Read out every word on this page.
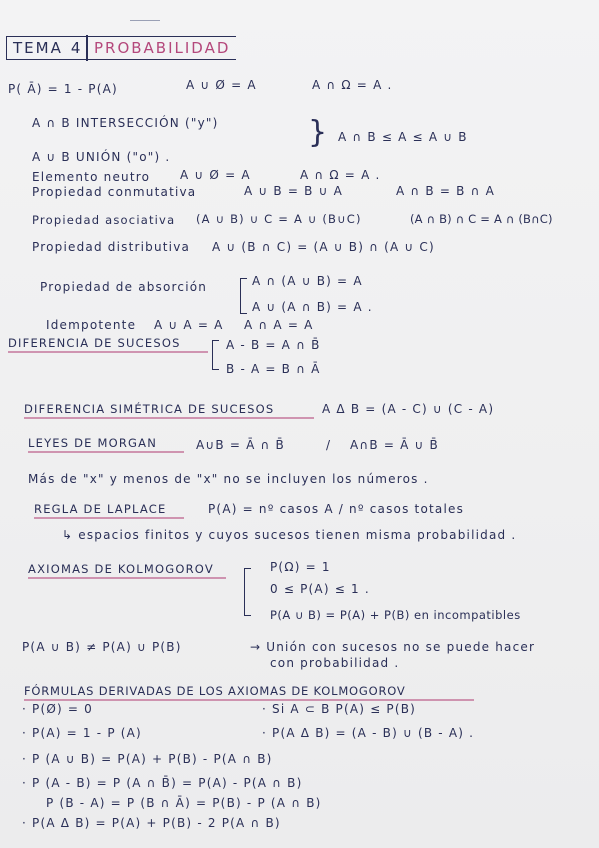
TEMA 4 PROBABILIDAD
P( Ā) = 1 - P(A)	A ∪ Ø = A	A ∩ Ω = A .
A ∩ B INTERSECCIÓN ("y")
A ∪ B UNIÓN ("o") .
} A ∩ B ≤ A ≤ A ∪ B
Elemento neutro A ∪ Ø = A	A ∩ Ω = A .
Propiedad conmutativa	A ∪ B = B ∪ A	A ∩ B = B ∩ A
Propiedad asociativa (A ∪ B) ∪ C = A ∪ (B∪C)	(A ∩ B) ∩ C = A ∩ (B∩C)
Propiedad distributiva A ∪ (B ∩ C) = (A ∪ B) ∩ (A ∪ C)
Propiedad de absorción	A ∩ (A ∪ B) = A
A ∪ (A ∩ B) = A .
Idempotente A ∪ A = A A ∩ A = A
DIFERENCIA DE SUCESOS	A - B = A ∩ B̄
B - A = B ∩ Ā
DIFERENCIA SIMÉTRICA DE SUCESOS	A Δ B = (A - C) ∪ (C - A)
LEYES DE MORGAN	A∪B = Ā ∩ B̄	/ A∩B = Ā ∪ B̄
Más de "x" y menos de "x" no se incluyen los números .
REGLA DE LAPLACE	P(A) = nº casos A / nº casos totales
↳ espacios finitos y cuyos sucesos tienen misma probabilidad .
AXIOMAS DE KOLMOGOROV	P(Ω) = 1
0 ≤ P(A) ≤ 1 .
P(A ∪ B) = P(A) + P(B) en incompatibles
P(A ∪ B) ≠ P(A) ∪ P(B)	→ Unión con sucesos no se puede hacer
con probabilidad .
FÓRMULAS DERIVADAS DE LOS AXIOMAS DE KOLMOGOROV
· P(Ø) = 0	· Si A ⊂ B P(A) ≤ P(B)
· P(A) = 1 - P (A)	· P(A Δ B) = (A - B) ∪ (B - A) .
· P (A ∪ B) = P(A) + P(B) - P(A ∩ B)
· P (A - B) = P (A ∩ B̄) = P(A) - P(A ∩ B)
P (B - A) = P (B ∩ Ā) = P(B) - P (A ∩ B)
· P(A Δ B) = P(A) + P(B) - 2 P(A ∩ B)
